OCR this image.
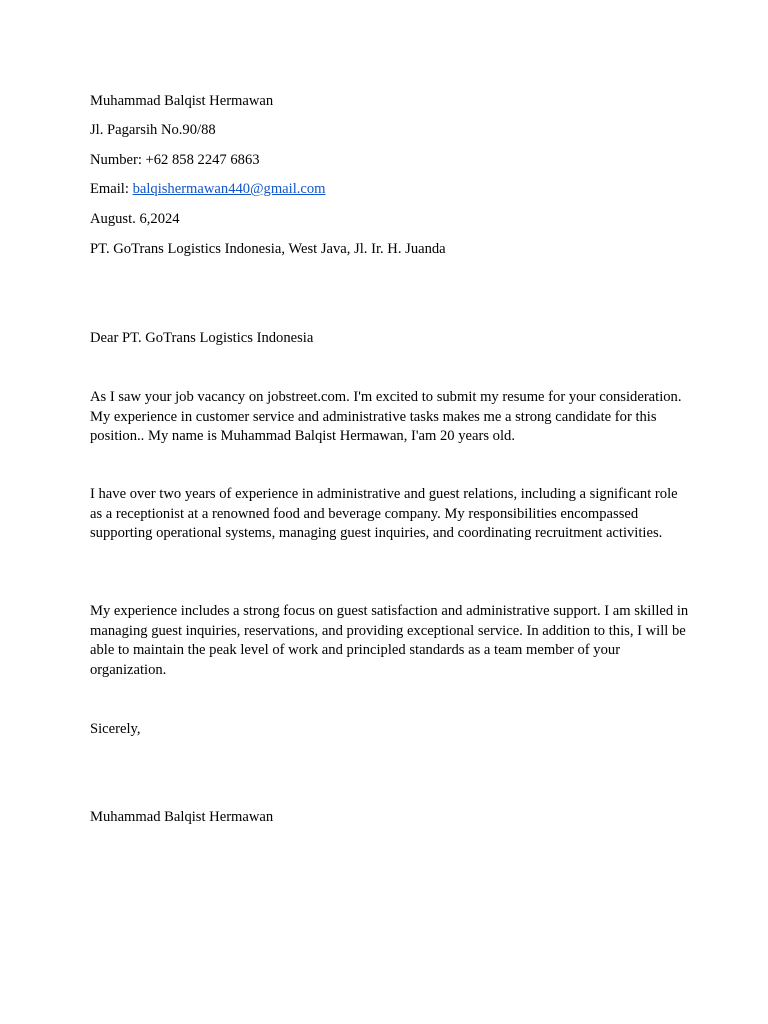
Muhammad Balqist Hermawan
Jl. Pagarsih No.90/88
Number: +62 858 2247 6863
Email: balqishermawan440@gmail.com
August. 6,2024
PT. GoTrans Logistics Indonesia, West Java, Jl. Ir. H. Juanda
Dear PT. GoTrans Logistics Indonesia
As I saw your job vacancy on jobstreet.com. I'm excited to submit my resume for your consideration. My experience in customer service and administrative tasks makes me a strong candidate for this position.. My name is Muhammad Balqist Hermawan, I'am 20 years old.
I have over two years of experience in administrative and guest relations, including a significant role as a receptionist at a renowned food and beverage company. My responsibilities encompassed supporting operational systems, managing guest inquiries, and coordinating recruitment activities.
My experience includes a strong focus on guest satisfaction and administrative support. I am skilled in managing guest inquiries, reservations, and providing exceptional service. In addition to this, I will be able to maintain the peak level of work and principled standards as a team member of your organization.
Sicerely,
Muhammad Balqist Hermawan
